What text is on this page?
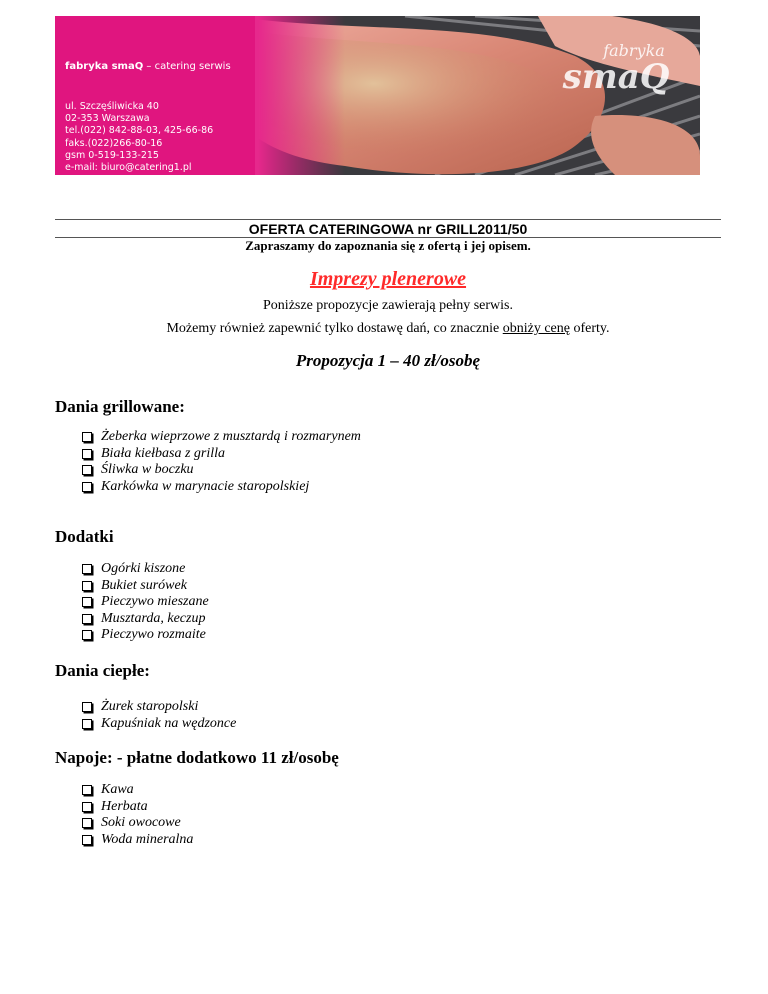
fabryka smaQ – catering serwis
ul. Szczęśliwicka 40
02-353 Warszawa
tel.(022) 842-88-03, 425-66-86
faks.(022)266-80-16
gsm 0-519-133-215
e-mail: biuro@catering1.pl
fabryka
smaQ
OFERTA CATERINGOWA nr GRILL2011/50
Zapraszamy do zapoznania się z ofertą i jej opisem.
Imprezy plenerowe
Poniższe propozycje zawierają pełny serwis.
Możemy również zapewnić tylko dostawę dań, co znacznie obniży cenę oferty.
Propozycja 1 – 40 zł/osobę
Dania grillowane:
Żeberka wieprzowe z musztardą i rozmarynem
Biała kiełbasa z grilla
Śliwka w boczku
Karkówka w marynacie staropolskiej
Dodatki
Ogórki kiszone
Bukiet surówek
Pieczywo mieszane
Musztarda, keczup
Pieczywo rozmaite
Dania ciepłe:
Żurek staropolski
Kapuśniak na wędzonce
Napoje: - płatne dodatkowo 11 zł/osobę
Kawa
Herbata
Soki owocowe
Woda mineralna
